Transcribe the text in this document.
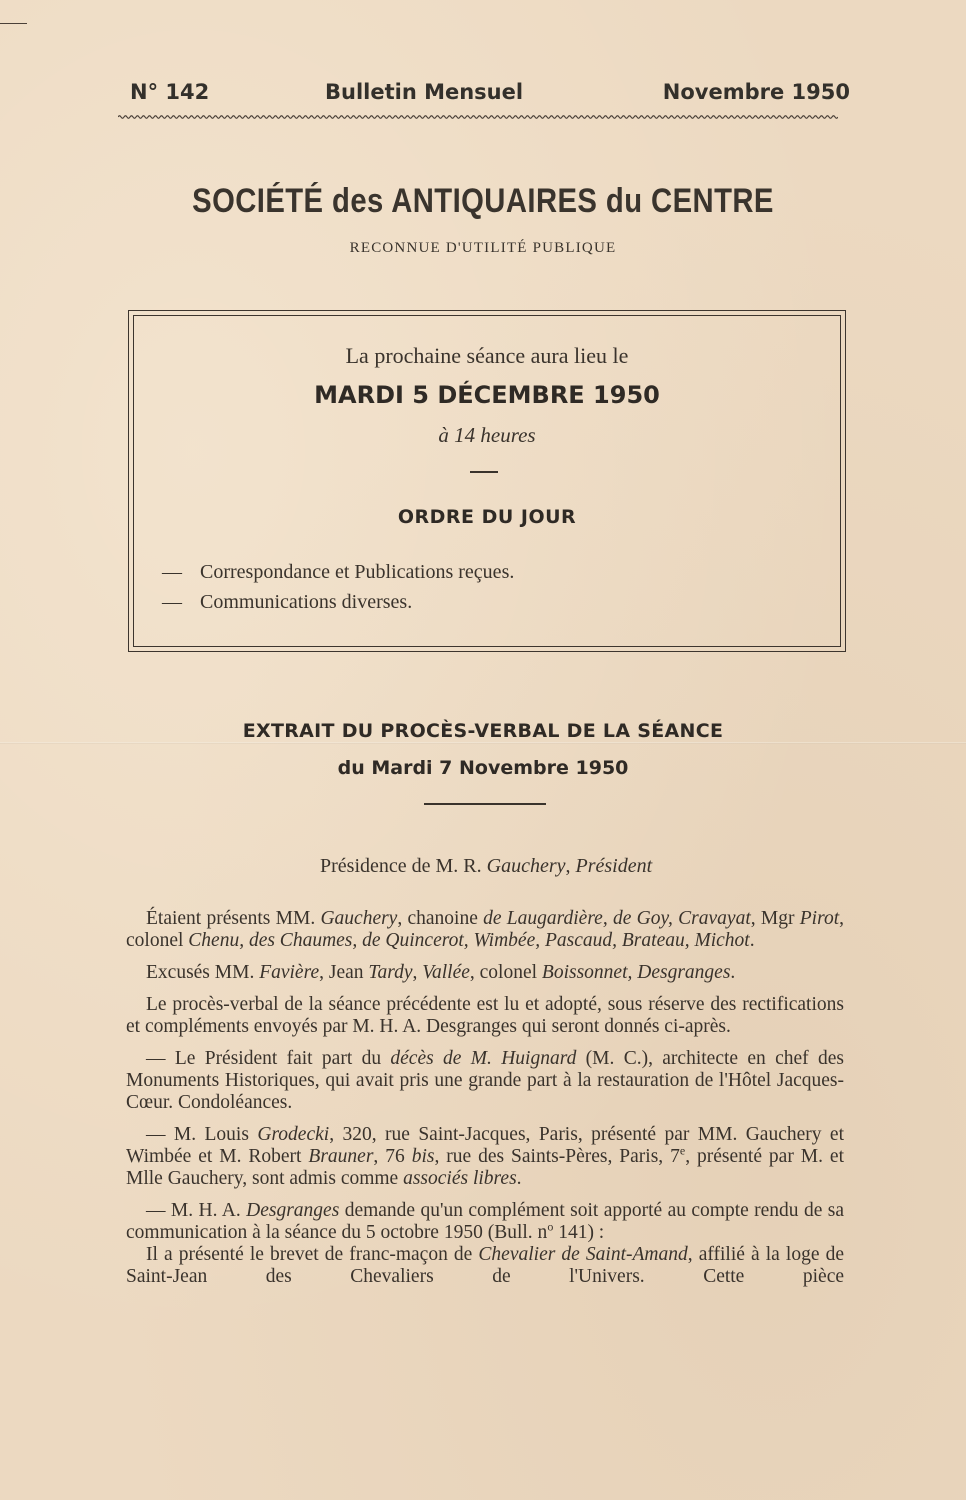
N° 142	Bulletin Mensuel	Novembre 1950
SOCIÉTÉ des ANTIQUAIRES du CENTRE
RECONNUE D'UTILITÉ PUBLIQUE
La prochaine séance aura lieu le
MARDI 5 DÉCEMBRE 1950
à 14 heures
ORDRE DU JOUR
— Correspondance et Publications reçues.
— Communications diverses.
EXTRAIT DU PROCÈS-VERBAL DE LA SÉANCE
du Mardi 7 Novembre 1950
Présidence de M. R. Gauchery, Président

Étaient présents MM. Gauchery, chanoine de Laugardière, de Goy, Cravayat, Mgr Pirot, colonel Chenu, des Chaumes, de Quincerot, Wimbée, Pascaud, Brateau, Michot.

Excusés MM. Favière, Jean Tardy, Vallée, colonel Boissonnet, Desgranges.

Le procès-verbal de la séance précédente est lu et adopté, sous réserve des rectifications et compléments envoyés par M. H. A. Desgranges qui seront donnés ci-après.

— Le Président fait part du décès de M. Huignard (M. C.), architecte en chef des Monuments Historiques, qui avait pris une grande part à la restauration de l'Hôtel Jacques-Cœur. Condoléances.

— M. Louis Grodecki, 320, rue Saint-Jacques, Paris, présenté par MM. Gauchery et Wimbée et M. Robert Brauner, 76 bis, rue des Saints-Pères, Paris, 7e, présenté par M. et Mlle Gauchery, sont admis comme associés libres.

— M. H. A. Desgranges demande qu'un complément soit apporté au compte rendu de sa communication à la séance du 5 octobre 1950 (Bull. $n^o$ 141) :

Il a présenté le brevet de franc-maçon de Chevalier de Saint-Amand, affilié à la loge de Saint-Jean des Chevaliers de l'Univers. Cette pièce
